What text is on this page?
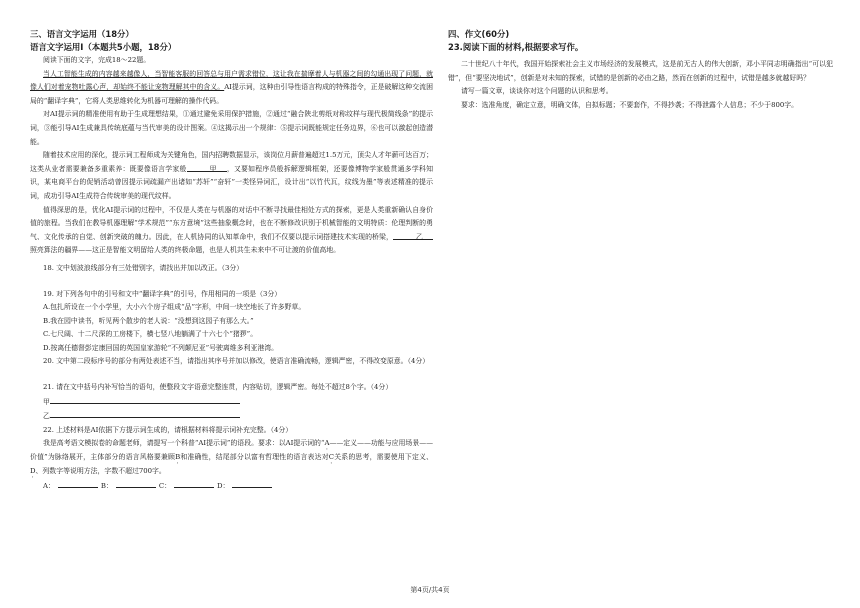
三、语言文字运用（18分）

语言文字运用Ⅰ（本题共5小题，18分）

阅读下面的文字，完成18～22题。

当人工智能生成的内容越来越像人，当智能客服的回答总与用户需求错位，这让我在揣摩着人与机器之间的勾通出现了问题，就像人们对着宠物吐露心声，却始终不能让宠物理解其中的含义。AI提示词，这种由引导性语言构成的特殊指令，正是破解这种交流困局的“翻译字典”，它将人类思维转化为机器可理解的操作代码。

对AI提示词的精准使用有助于生成理想结果，①通过避免采用保护措施，②通过“融合陕北剪纸对称纹样与现代极简线条”的提示词，③能引导AI生成兼具传统底蕴与当代审美的设计图案。④这揭示出一个规律：⑤提示词既能规定任务边界，⑥也可以激起创造潜能。

随着技术应用的深化，提示词工程师成为关键角色，国内招聘数据显示，该岗位月薪普遍超过1.5万元，顶尖人才年薪可达百万；这类从业者需要兼备多重素养：既要像语言学家般	甲 ，又要如程序员般拆解逻辑框架，还要像博物学家般贯通多学科知识，某电商平台的促销活动曾因提示词疏漏产出诸如“苏轩”“奋轩”一类怪异词汇，设计出“以竹代瓦，纹线为墨”等表述精准的提示词，成功引导AI生成符合传统审美的现代纹样。

值得深思的是，优化AI提示词的过程中，不仅是人类在与机器的对话中不断寻找最佳相处方式的探索，更是人类重新确认自身价值的旅程。当我们在教导机器理解“学术规范”“东方意境”这些抽象概念时，也在不断修改识别于机械智能的文明特质：伦理判断的勇气、文化传承的自觉、创新突破的魄力。因此，在人机协同的认知革命中，我们不仅要以提示词搭建技术实现的桥梁，	乙照亮算法的疆界——这正是智能文明留给人类的终极命题，也是人机共生未来中不可让渡的价值高地。

18. 文中划波浪线部分有三处错别字，请找出并加以改正。（3分）

19. 对下列各句中的引号和文中“翻译字典”的引号，作用相同的一项是（3分）

A.包扎所设在一个小学里，大小六个房子组成“品”字形，中间一块空地长了许多野草。

B.我在园中读书，听见两个散步的老人说：“没想到这园子有那么大。”

C.七尺阔、十二尺深的工房楼下，横七竖八地躺满了十六七个“猪猡”。

D.按离任德督彭定康回国的英国皇家游轮“不列颠尼亚”号驶离维多利亚港湾。

20. 文中第二段标序号的部分有两处表述不当，请指出其序号并加以修改，使语言准确流畅，逻辑严密，不得改变原意。（4分）

21. 请在文中括号内补写恰当的语句，使整段文字语意完整连贯，内容贴切，逻辑严密。每处不超过8个字。（4分）

甲

乙

22. 上述材料是AI依据下方提示词生成的，请根据材料将提示词补充完整。（4分）

我是高考语文模拟卷的命题老师，请提写一个科普“AI提示词”的语段。要求：以AI提示词的“A——定义——功能与应用场景——价值”为脉络展开，主体部分的语言风格要兼顾B和准确性，结尾部分以富有哲理性的语言表达对C关系的思考，需要使用下定义、D、列数字等说明方法，字数不超过700字。

A：	B：	C：	D：

四、作文(60分)

23.阅读下面的材料,根据要求写作。

二十世纪八十年代，我国开始探索社会主义市场经济的发展模式，这是前无古人的伟大创新，邓小平同志明确指出“可以犯错”，但“要坚决地试”，创新是对未知的探索，试错的是创新的必由之路，然而在创新的过程中，试错是越多就越好吗？

请写一篇文章，谈谈你对这个问题的认识和思考。

要求：选准角度，确定立意，明确文体，自拟标题；不要套作，不得抄袭；不得泄露个人信息；不少于800字。

第4页/共4页
